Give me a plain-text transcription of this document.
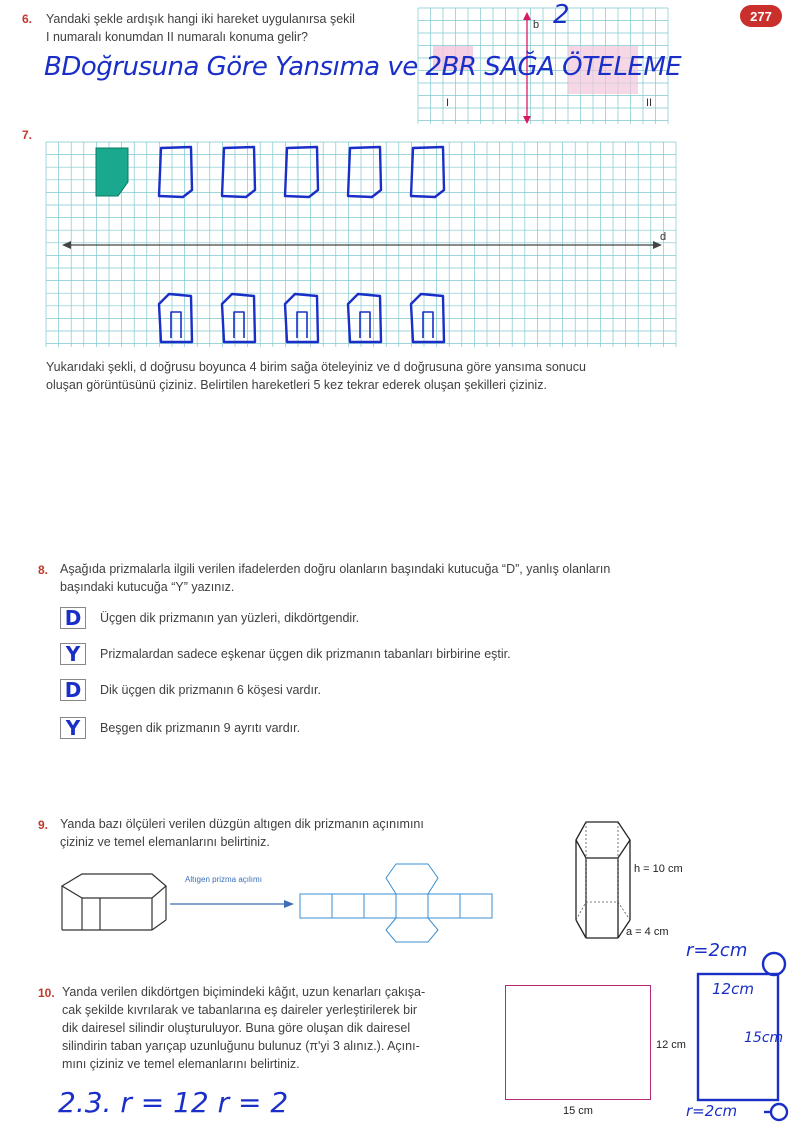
277
6. Yandaki şekle ardışık hangi iki hareket uygulanırsa şekil
I numaralı konumdan II numaralı konuma gelir?
b
I	II
2
BDoğrusuna Göre Yansıma ve 2BR SAĞA ÖTELEME
7.
d
Yukarıdaki şekli, d doğrusu boyunca 4 birim sağa öteleyiniz ve d doğrusuna göre yansıma sonucu
oluşan görüntüsünü çiziniz. Belirtilen hareketleri 5 kez tekrar ederek oluşan şekilleri çiziniz.
8. Aşağıda prizmalarla ilgili verilen ifadelerden doğru olanların başındaki kutucuğa “D”, yanlış olanların
başındaki kutucuğa “Y” yazınız.
D	Üçgen dik prizmanın yan yüzleri, dikdörtgendir.
Y	Prizmalardan sadece eşkenar üçgen dik prizmanın tabanları birbirine eştir.
D	Dik üçgen dik prizmanın 6 köşesi vardır.
Y	Beşgen dik prizmanın 9 ayrıtı vardır.
9. Yanda bazı ölçüleri verilen düzgün altıgen dik prizmanın açınımını
çiziniz ve temel elemanlarını belirtiniz.
Altıgen prizma açılımı
h = 10 cm
a = 4 cm
10. Yanda verilen dikdörtgen biçimindeki kâğıt, uzun kenarları çakışa-
cak şekilde kıvrılarak ve tabanlarına eş daireler yerleştirilerek bir
dik dairesel silindir oluşturuluyor. Buna göre oluşan dik dairesel
silindirin taban yarıçap uzunluğunu bulunuz (π'yi 3 alınız.). Açını-
mını çiziniz ve temel elemanlarını belirtiniz.
15 cm
12 cm
2.3. r = 12 r = 2
r=2cm
12cm
15cm
r=2cm
